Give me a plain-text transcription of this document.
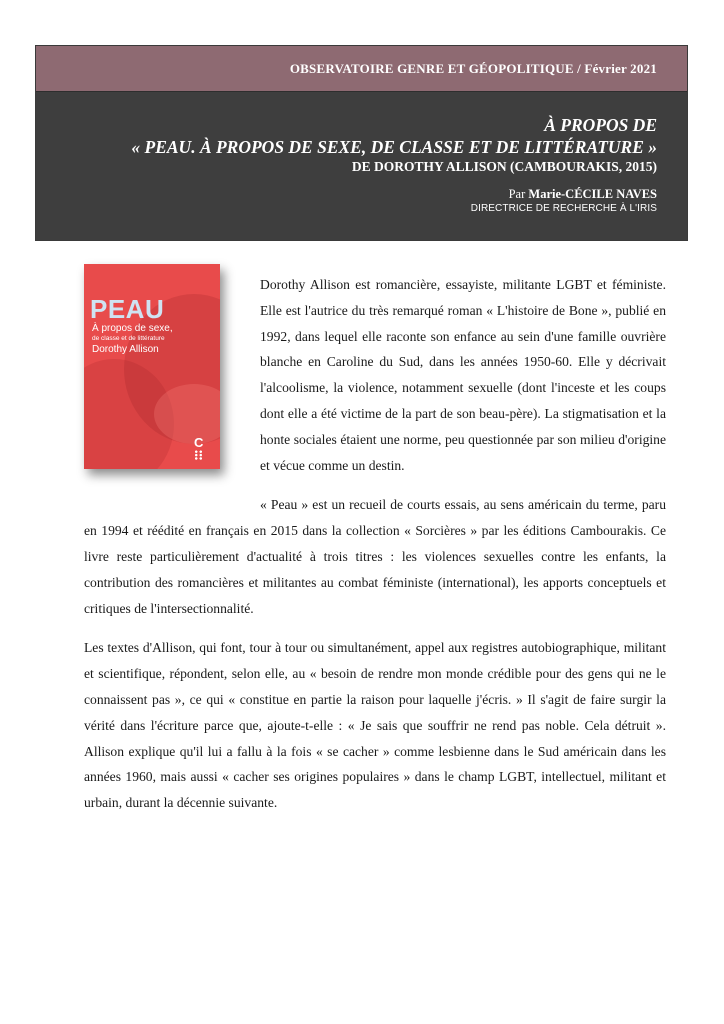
OBSERVATOIRE GENRE ET GÉOPOLITIQUE / Février 2021
À PROPOS DE
« PEAU. À PROPOS DE SEXE, DE CLASSE ET DE LITTÉRATURE »
DE DOROTHY ALLISON (CAMBOURAKIS, 2015)
Par Marie-CÉCILE NAVES
DIRECTRICE DE RECHERCHE À L'IRIS
PEAU
À propos de sexe,
de classe et de littérature
Dorothy Allison
C

Dorothy Allison est romancière, essayiste, militante LGBT et féministe. Elle est l'autrice du très remarqué roman « L'histoire de Bone », publié en 1992, dans lequel elle raconte son enfance au sein d'une famille ouvrière blanche en Caroline du Sud, dans les années 1950-60. Elle y décrivait l'alcoolisme, la violence, notamment sexuelle (dont l'inceste et les coups dont elle a été victime de la part de son beau-père). La stigmatisation et la honte sociales étaient une norme, peu questionnée par son milieu d'origine et vécue comme un destin.

« Peau » est un recueil de courts essais, au sens américain du terme, paru en 1994 et réédité en français en 2015 dans la collection « Sorcières » par les éditions Cambourakis. Ce livre reste particulièrement d'actualité à trois titres : les violences sexuelles contre les enfants, la contribution des romancières et militantes au combat féministe (international), les apports conceptuels et critiques de l'intersectionnalité.

Les textes d'Allison, qui font, tour à tour ou simultanément, appel aux registres autobiographique, militant et scientifique, répondent, selon elle, au « besoin de rendre mon monde crédible pour des gens qui ne le connaissent pas », ce qui « constitue en partie la raison pour laquelle j'écris. » Il s'agit de faire surgir la vérité dans l'écriture parce que, ajoute-t-elle : « Je sais que souffrir ne rend pas noble. Cela détruit ». Allison explique qu'il lui a fallu à la fois « se cacher » comme lesbienne dans le Sud américain dans les années 1960, mais aussi « cacher ses origines populaires » dans le champ LGBT, intellectuel, militant et urbain, durant la décennie suivante.
